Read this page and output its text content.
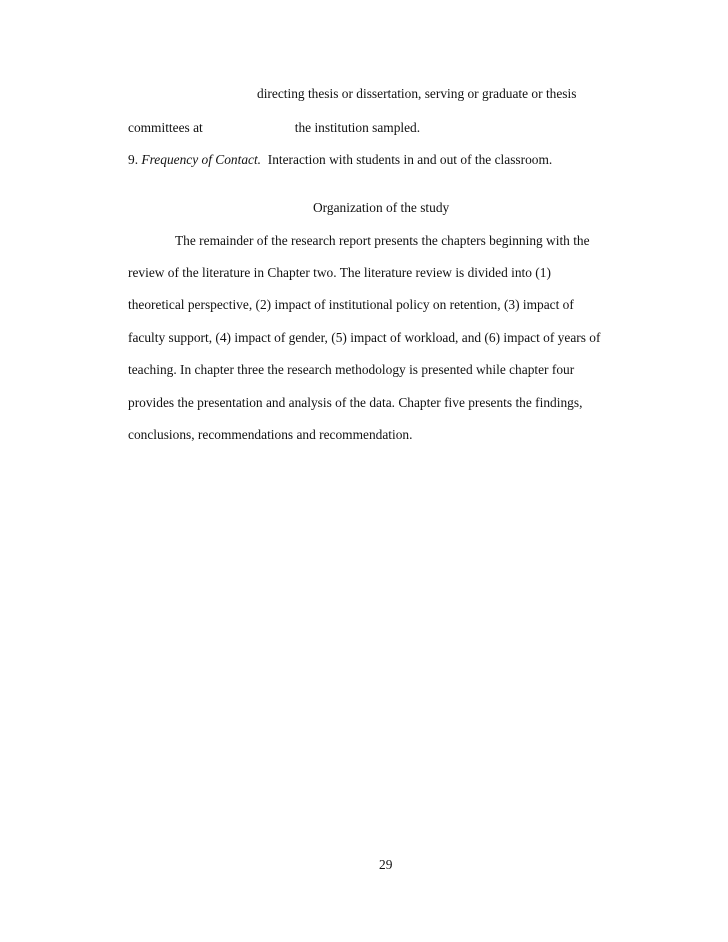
directing thesis or dissertation, serving or graduate or thesis
committees at	the institution sampled.
9. Frequency of Contact. Interaction with students in and out of the classroom.
Organization of the study
The remainder of the research report presents the chapters beginning with the
review of the literature in Chapter two. The literature review is divided into (1)
theoretical perspective, (2) impact of institutional policy on retention, (3) impact of
faculty support, (4) impact of gender, (5) impact of workload, and (6) impact of years of
teaching. In chapter three the research methodology is presented while chapter four
provides the presentation and analysis of the data. Chapter five presents the findings,
conclusions, recommendations and recommendation.
29
